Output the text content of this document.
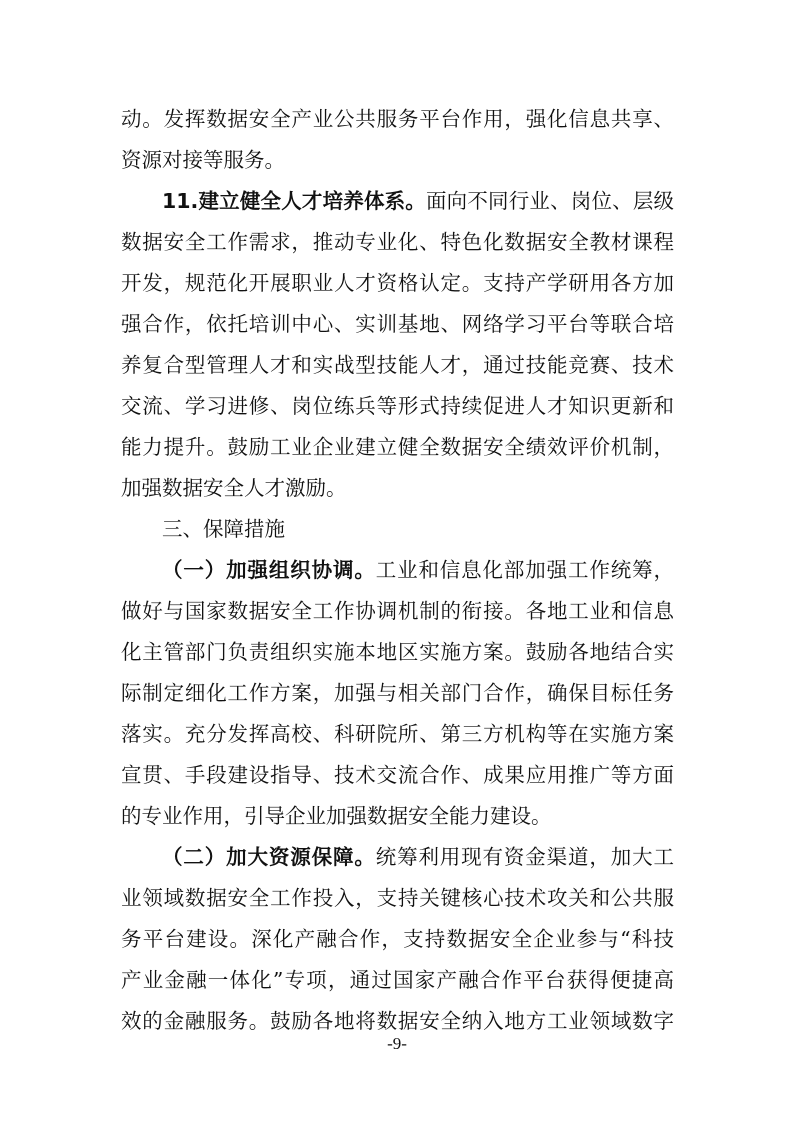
动。发挥数据安全产业公共服务平台作用，强化信息共享、
资源对接等服务。
11.建立健全人才培养体系。面向不同行业、岗位、层级
数据安全工作需求，推动专业化、特色化数据安全教材课程
开发，规范化开展职业人才资格认定。支持产学研用各方加
强合作，依托培训中心、实训基地、网络学习平台等联合培
养复合型管理人才和实战型技能人才，通过技能竞赛、技术
交流、学习进修、岗位练兵等形式持续促进人才知识更新和
能力提升。鼓励工业企业建立健全数据安全绩效评价机制，
加强数据安全人才激励。
三、保障措施
（一）加强组织协调。工业和信息化部加强工作统筹，
做好与国家数据安全工作协调机制的衔接。各地工业和信息
化主管部门负责组织实施本地区实施方案。鼓励各地结合实
际制定细化工作方案，加强与相关部门合作，确保目标任务
落实。充分发挥高校、科研院所、第三方机构等在实施方案
宣贯、手段建设指导、技术交流合作、成果应用推广等方面
的专业作用，引导企业加强数据安全能力建设。
（二）加大资源保障。统筹利用现有资金渠道，加大工
业领域数据安全工作投入，支持关键核心技术攻关和公共服
务平台建设。深化产融合作，支持数据安全企业参与“科技
产业金融一体化”专项，通过国家产融合作平台获得便捷高
效的金融服务。鼓励各地将数据安全纳入地方工业领域数字
-9-
